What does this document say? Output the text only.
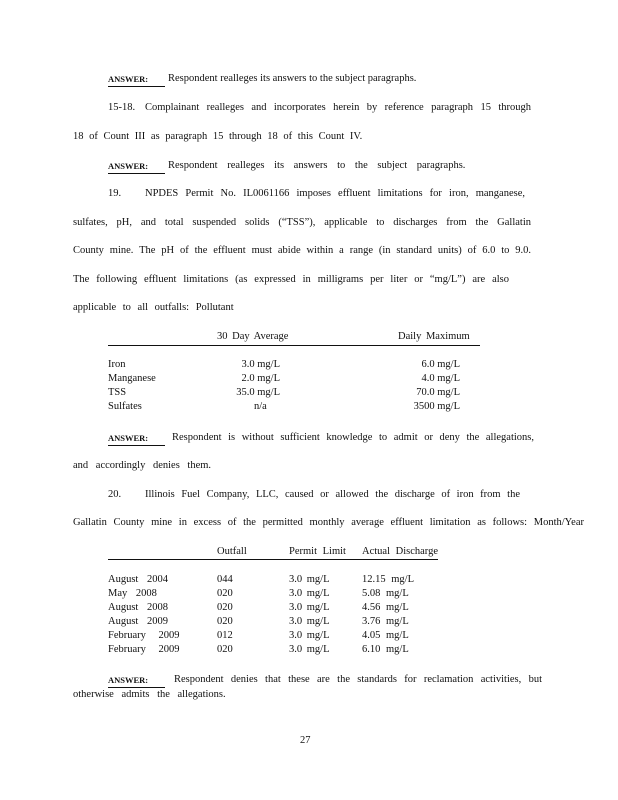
ANSWER: Respondent realleges its answers to the subject paragraphs.
15-18. Complainant realleges and incorporates herein by reference paragraph 15 through
18 of Count III as paragraph 15 through 18 of this Count IV.
ANSWER: Respondent realleges its answers to the subject paragraphs.
19. NPDES Permit No. IL0061166 imposes effluent limitations for iron, manganese,
sulfates, pH, and total suspended solids (“TSS”), applicable to discharges from the Gallatin
County mine. The pH of the effluent must abide within a range (in standard units) of 6.0 to 9.0.
The following effluent limitations (as expressed in milligrams per liter or “mg/L”) are also
applicable to all outfalls: Pollutant
30 Day Average	Daily Maximum
Iron	3.0 mg/L	6.0 mg/L
Manganese	2.0 mg/L	4.0 mg/L
TSS	35.0 mg/L	70.0 mg/L
Sulfates	n/a	3500 mg/L
ANSWER: Respondent is without sufficient knowledge to admit or deny the allegations,
and accordingly denies them.
20. Illinois Fuel Company, LLC, caused or allowed the discharge of iron from the
Gallatin County mine in excess of the permitted monthly average effluent limitation as follows: Month/Year
Outfall	Permit Limit Actual Discharge
August 2004	044	3.0 mg/L	12.15 mg/L
May 2008	020	3.0 mg/L	5.08 mg/L
August 2008	020	3.0 mg/L	4.56 mg/L
August 2009	020	3.0 mg/L	3.76 mg/L
February 2009	012	3.0 mg/L	4.05 mg/L
February 2009	020	3.0 mg/L	6.10 mg/L
ANSWER: Respondent denies that these are the standards for reclamation activities, but
otherwise admits the allegations.
27
